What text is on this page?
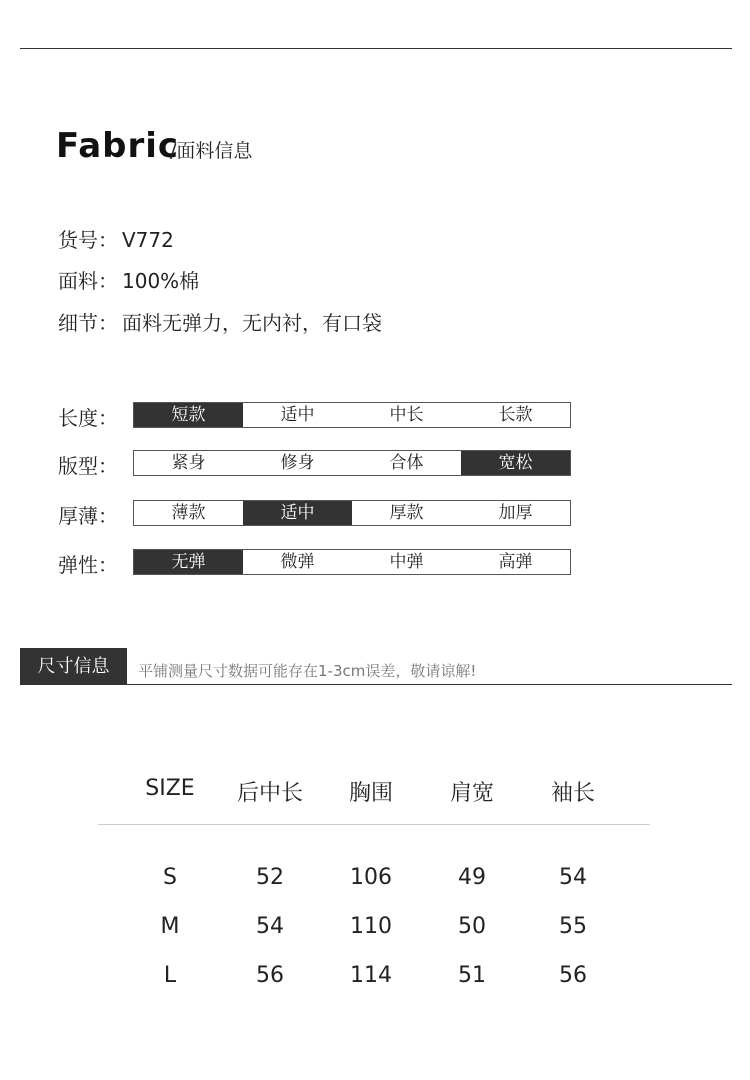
Fabric
/面料信息
货号： V772
面料： 100%棉
细节： 面料无弹力，无内衬，有口袋
长度：	短款	适中	中长	长款
版型：	紧身	修身	合体	宽松
厚薄：	薄款	适中	厚款	加厚
弹性：	无弹	微弹	中弹	高弹
尺寸信息	平铺测量尺寸数据可能存在1-3cm误差，敬请谅解!
SIZE	后中长	胸围	肩宽	袖长
S	52	106	49	54
M	54	110	50	55
L	56	114	51	56
